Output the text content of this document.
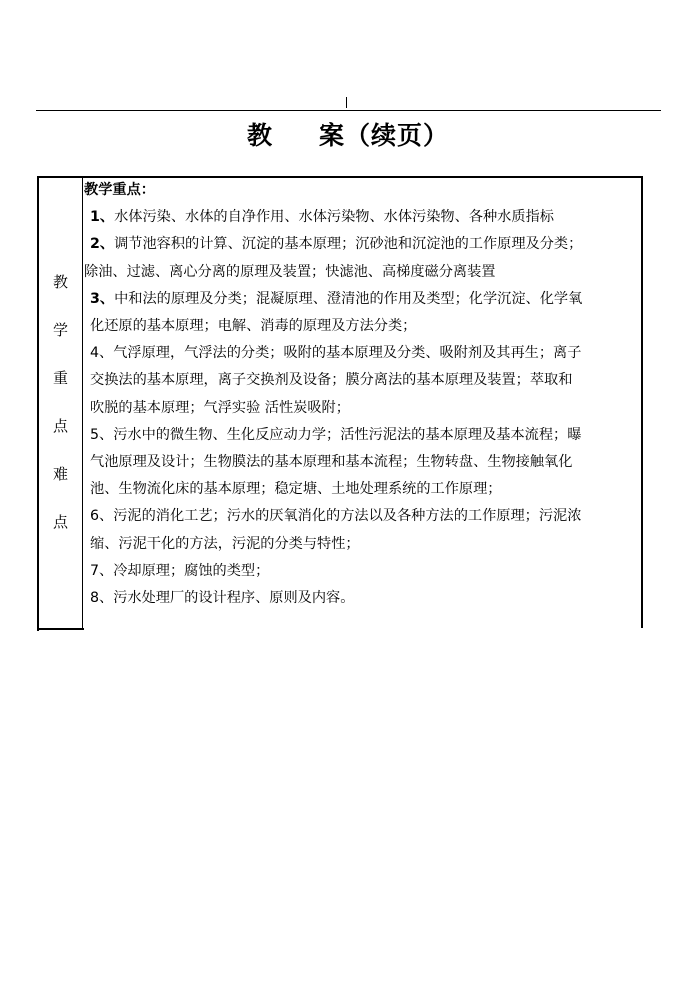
教 案（续页）
教
学
重
点
难
点
教学重点：
1、水体污染、水体的自净作用、水体污染物、水体污染物、各种水质指标
2、调节池容积的计算、沉淀的基本原理；沉砂池和沉淀池的工作原理及分类；
除油、过滤、离心分离的原理及装置；快滤池、高梯度磁分离装置
3、中和法的原理及分类；混凝原理、澄清池的作用及类型；化学沉淀、化学氧
化还原的基本原理；电解、消毒的原理及方法分类；
4、气浮原理，气浮法的分类；吸附的基本原理及分类、吸附剂及其再生；离子
交换法的基本原理，离子交换剂及设备；膜分离法的基本原理及装置；萃取和
吹脱的基本原理；气浮实验 活性炭吸附；
5、污水中的微生物、生化反应动力学；活性污泥法的基本原理及基本流程；曝
气池原理及设计；生物膜法的基本原理和基本流程；生物转盘、生物接触氧化
池、生物流化床的基本原理；稳定塘、土地处理系统的工作原理；
6、污泥的消化工艺；污水的厌氧消化的方法以及各种方法的工作原理；污泥浓
缩、污泥干化的方法，污泥的分类与特性；
7、冷却原理；腐蚀的类型；
8、污水处理厂的设计程序、原则及内容。
